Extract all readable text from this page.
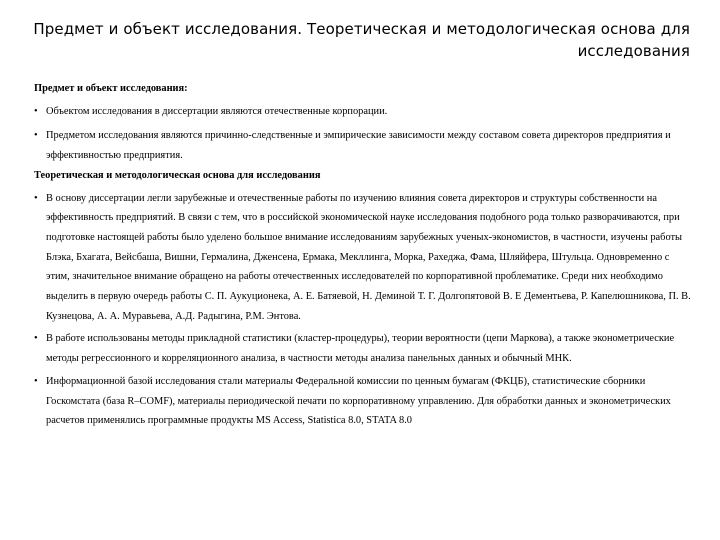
Предмет и объект исследования. Теоретическая и методологическая основа для исследования

Предмет и объект исследования:

• Объектом исследования в диссертации являются отечественные корпорации.

• Предметом исследования являются причинно-следственные и эмпирические зависимости между составом совета директоров предприятия и эффективностью предприятия.

Теоретическая и методологическая основа для исследования

• В основу диссертации легли зарубежные и отечественные работы по изучению влияния совета директоров и структуры собственности на эффективность предприятий. В связи с тем, что в российской экономической науке исследования подобного рода только разворачиваются, при подготовке настоящей работы было уделено большое внимание исследованиям зарубежных ученых-экономистов, в частности, изучены работы Блэка, Бхагата, Вейсбаша, Вишни, Гермалина, Дженсена, Ермака, Мекллинга, Морка, Рахеджа, Фама, Шляйфера, Штульца. Одновременно с этим, значительное внимание обращено на работы отечественных исследователей по корпоративной проблематике. Среди них необходимо выделить в первую очередь работы С. П. Аукуционека, А. Е. Батяевой, Н. Деминой Т. Г. Долгопятовой В. Е Дементьева, Р. Капелюшникова, П. В. Кузнецова, А. А. Муравьева, А.Д. Радыгина, Р.М. Энтова.

• В работе использованы методы прикладной статистики (кластер-процедуры), теории вероятности (цепи Маркова), а также эконометрические методы регрессионного и корреляционного анализа, в частности методы анализа панельных данных и обычный МНК.

• Информационной базой исследования стали материалы Федеральной комиссии по ценным бумагам (ФКЦБ), статистические сборники Госкомстата (база R–COMF), материалы периодической печати по корпоративному управлению. Для обработки данных и эконометрических расчетов применялись программные продукты MS Access, Statistica 8.0, STATA 8.0
